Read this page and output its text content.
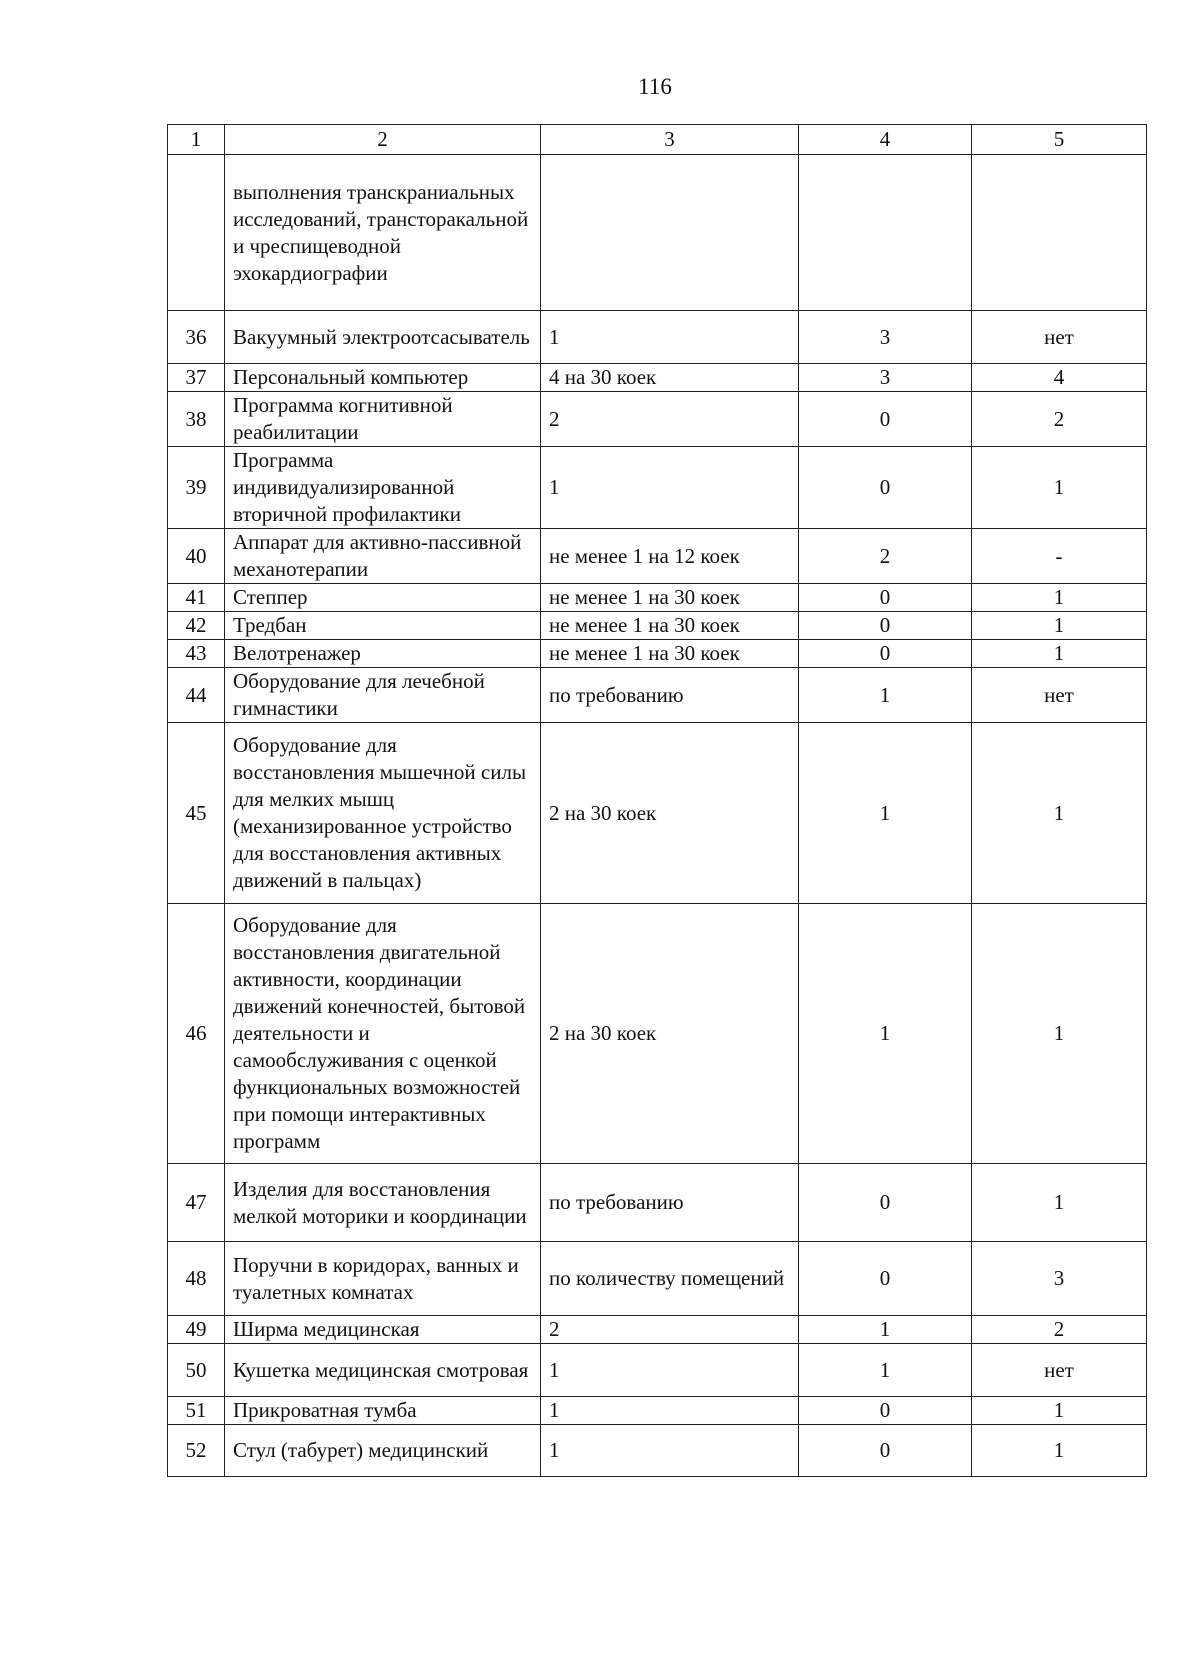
116
1	2	3	4	5
	выполнения транскраниальных исследований, трансторакальной и чреспищеводной эхокардиографии			
36	Вакуумный электроотсасыватель	1	3	нет
37	Персональный компьютер	4 на 30 коек	3	4
38	Программа когнитивной реабилитации	2	0	2
39	Программа индивидуализированной вторичной профилактики	1	0	1
40	Аппарат для активно-пассивной механотерапии	не менее 1 на 12 коек	2	-
41	Степпер	не менее 1 на 30 коек	0	1
42	Тредбан	не менее 1 на 30 коек	0	1
43	Велотренажер	не менее 1 на 30 коек	0	1
44	Оборудование для лечебной гимнастики	по требованию	1	нет
45	Оборудование для восстановления мышечной силы для мелких мышц (механизированное устройство для восстановления активных движений в пальцах)	2 на 30 коек	1	1
46	Оборудование для восстановления двигательной активности, координации движений конечностей, бытовой деятельности и самообслуживания с оценкой функциональных возможностей при помощи интерактивных программ	2 на 30 коек	1	1
47	Изделия для восстановления мелкой моторики и координации	по требованию	0	1
48	Поручни в коридорах, ванных и туалетных комнатах	по количеству помещений	0	3
49	Ширма медицинская	2	1	2
50	Кушетка медицинская смотровая	1	1	нет
51	Прикроватная тумба	1	0	1
52	Стул (табурет) медицинский	1	0	1
